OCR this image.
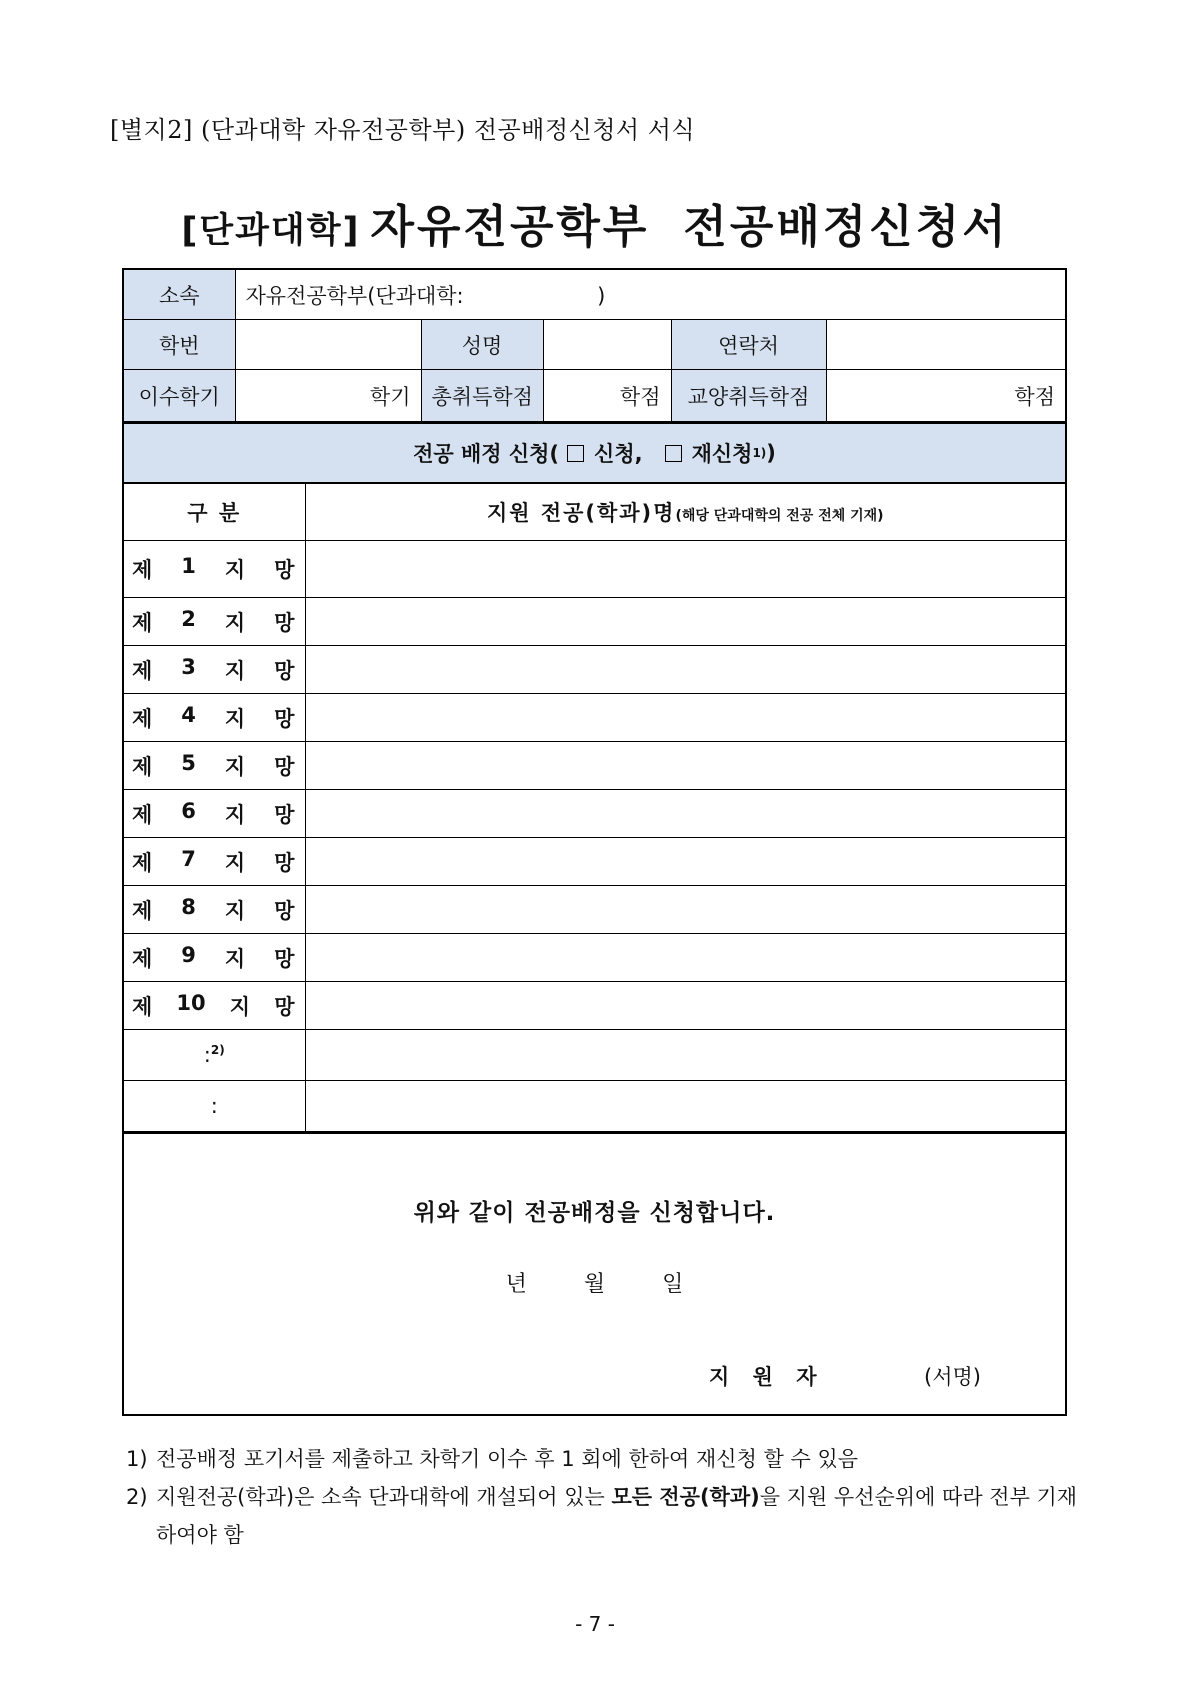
[별지2] (단과대학 자유전공학부) 전공배정신청서 서식

[단과대학] 자유전공학부 전공배정신청서
소속	자유전공학부(단과대학:                    )				
학번		성명		연락처	
이수학기	학기	총취득학점	학점	교양취득학점	학점
전공 배정 신청( 신청, 재신청 1) )
구 분	지원 전공(학과)명(해당 단과대학의 전공 전체 기재)

제 1 지 망	

제 2 지 망	

제 3 지 망	

제 4 지 망	

제 5 지 망	

제 6 지 망	

제 7 지 망	

제 8 지 망	

제 9 지 망	

제 10 지 망	

:$^{2)}$	
:	
위와 같이 전공배정을 신청합니다.
년 월 일
지 원 자	(서명)
1) 전공배정 포기서를 제출하고 차학기 이수 후 1 회에 한하여 재신청 할 수 있음
2) 지원전공(학과)은 소속 단과대학에 개설되어 있는 모든 전공(학과)을 지원 우선순위에 따라 전부 기재하여야 함
- 7 -
